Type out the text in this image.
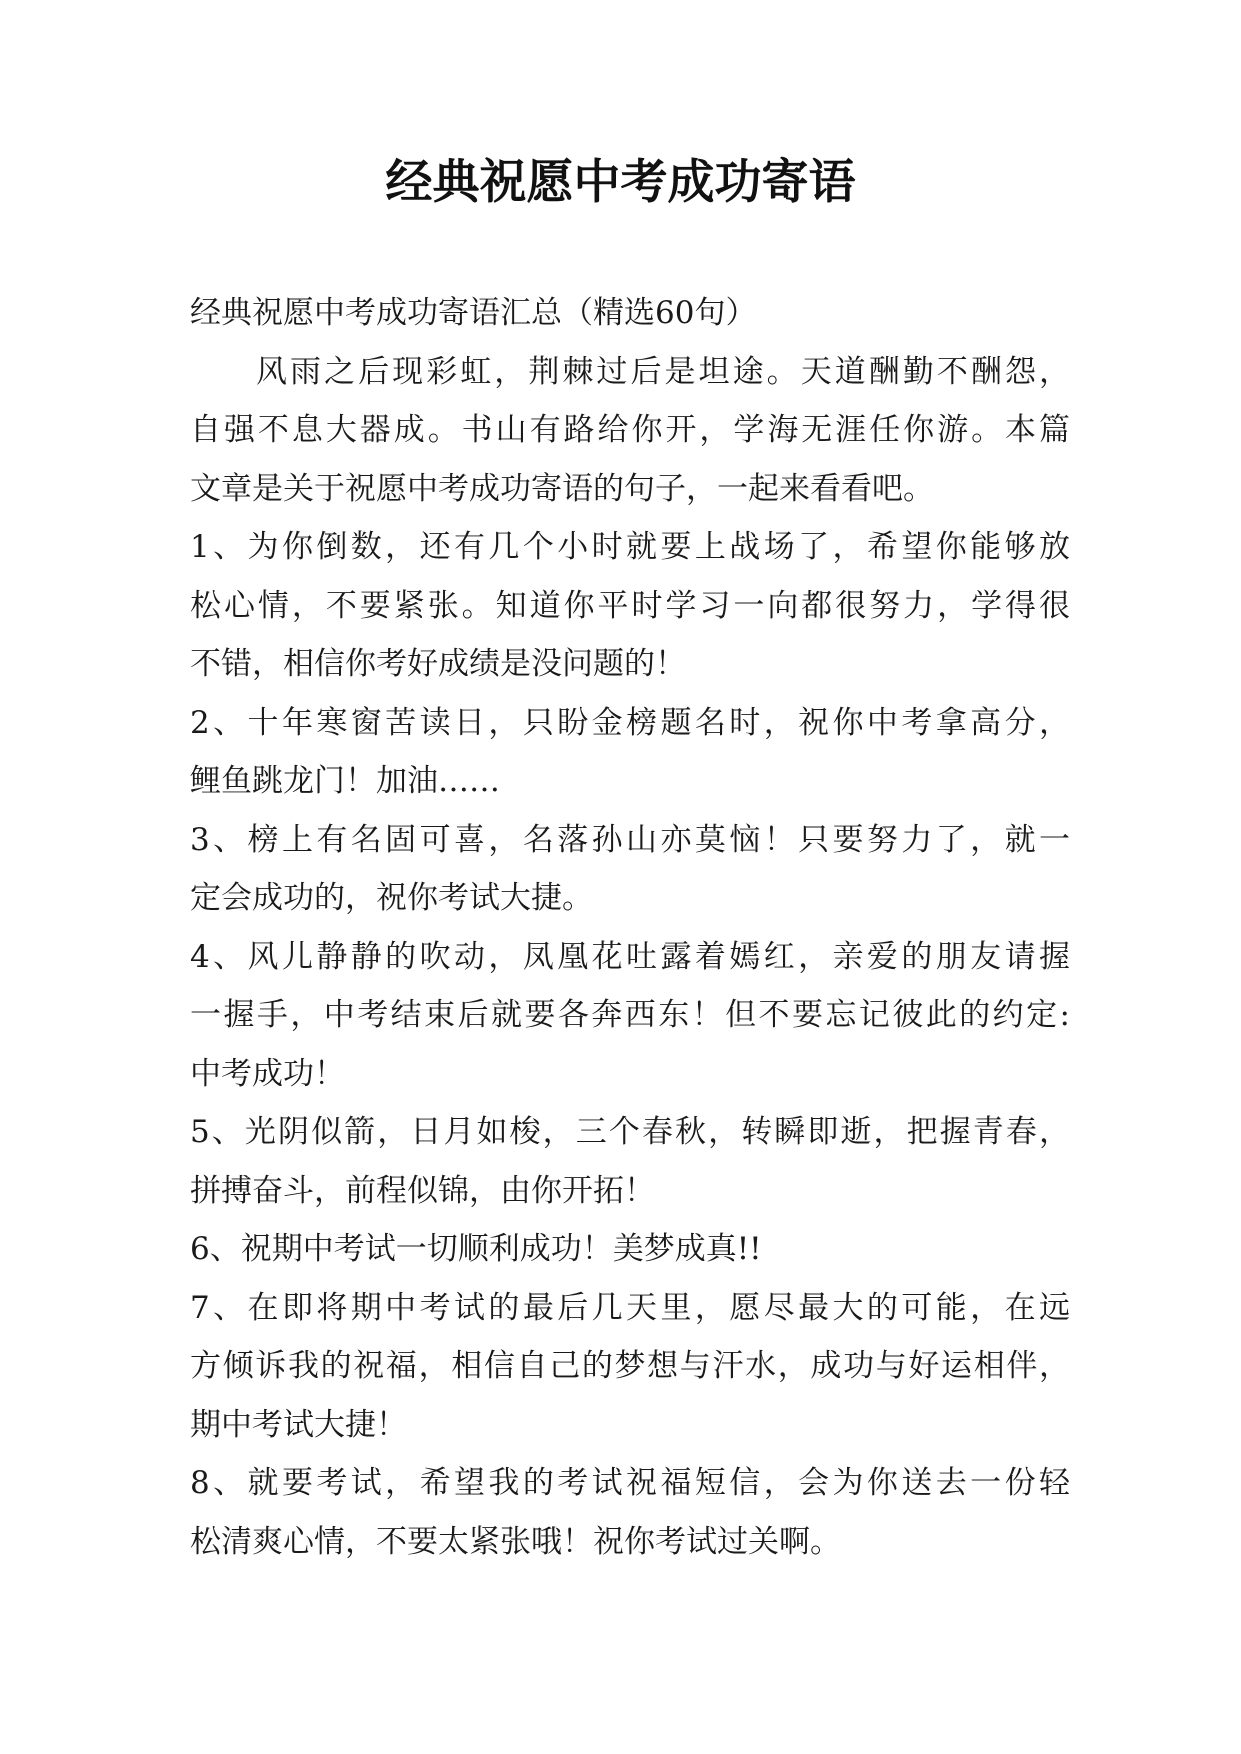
经典祝愿中考成功寄语
经典祝愿中考成功寄语汇总（精选60句）
风雨之后现彩虹，荆棘过后是坦途。天道酬勤不酬怨，
自强不息大器成。书山有路给你开，学海无涯任你游。本篇
文章是关于祝愿中考成功寄语的句子，一起来看看吧。
1、为你倒数，还有几个小时就要上战场了，希望你能够放
松心情，不要紧张。知道你平时学习一向都很努力，学得很
不错，相信你考好成绩是没问题的！
2、十年寒窗苦读日，只盼金榜题名时，祝你中考拿高分，
鲤鱼跳龙门！加油……
3、榜上有名固可喜，名落孙山亦莫恼！只要努力了，就一
定会成功的，祝你考试大捷。
4、风儿静静的吹动，凤凰花吐露着嫣红，亲爱的朋友请握
一握手，中考结束后就要各奔西东！但不要忘记彼此的约定:
中考成功！
5、光阴似箭，日月如梭，三个春秋，转瞬即逝，把握青春，
拼搏奋斗，前程似锦，由你开拓！
6、祝期中考试一切顺利成功！美梦成真!!
7、在即将期中考试的最后几天里，愿尽最大的可能，在远
方倾诉我的祝福，相信自己的梦想与汗水，成功与好运相伴，
期中考试大捷！
8、就要考试，希望我的考试祝福短信，会为你送去一份轻
松清爽心情，不要太紧张哦！祝你考试过关啊。
